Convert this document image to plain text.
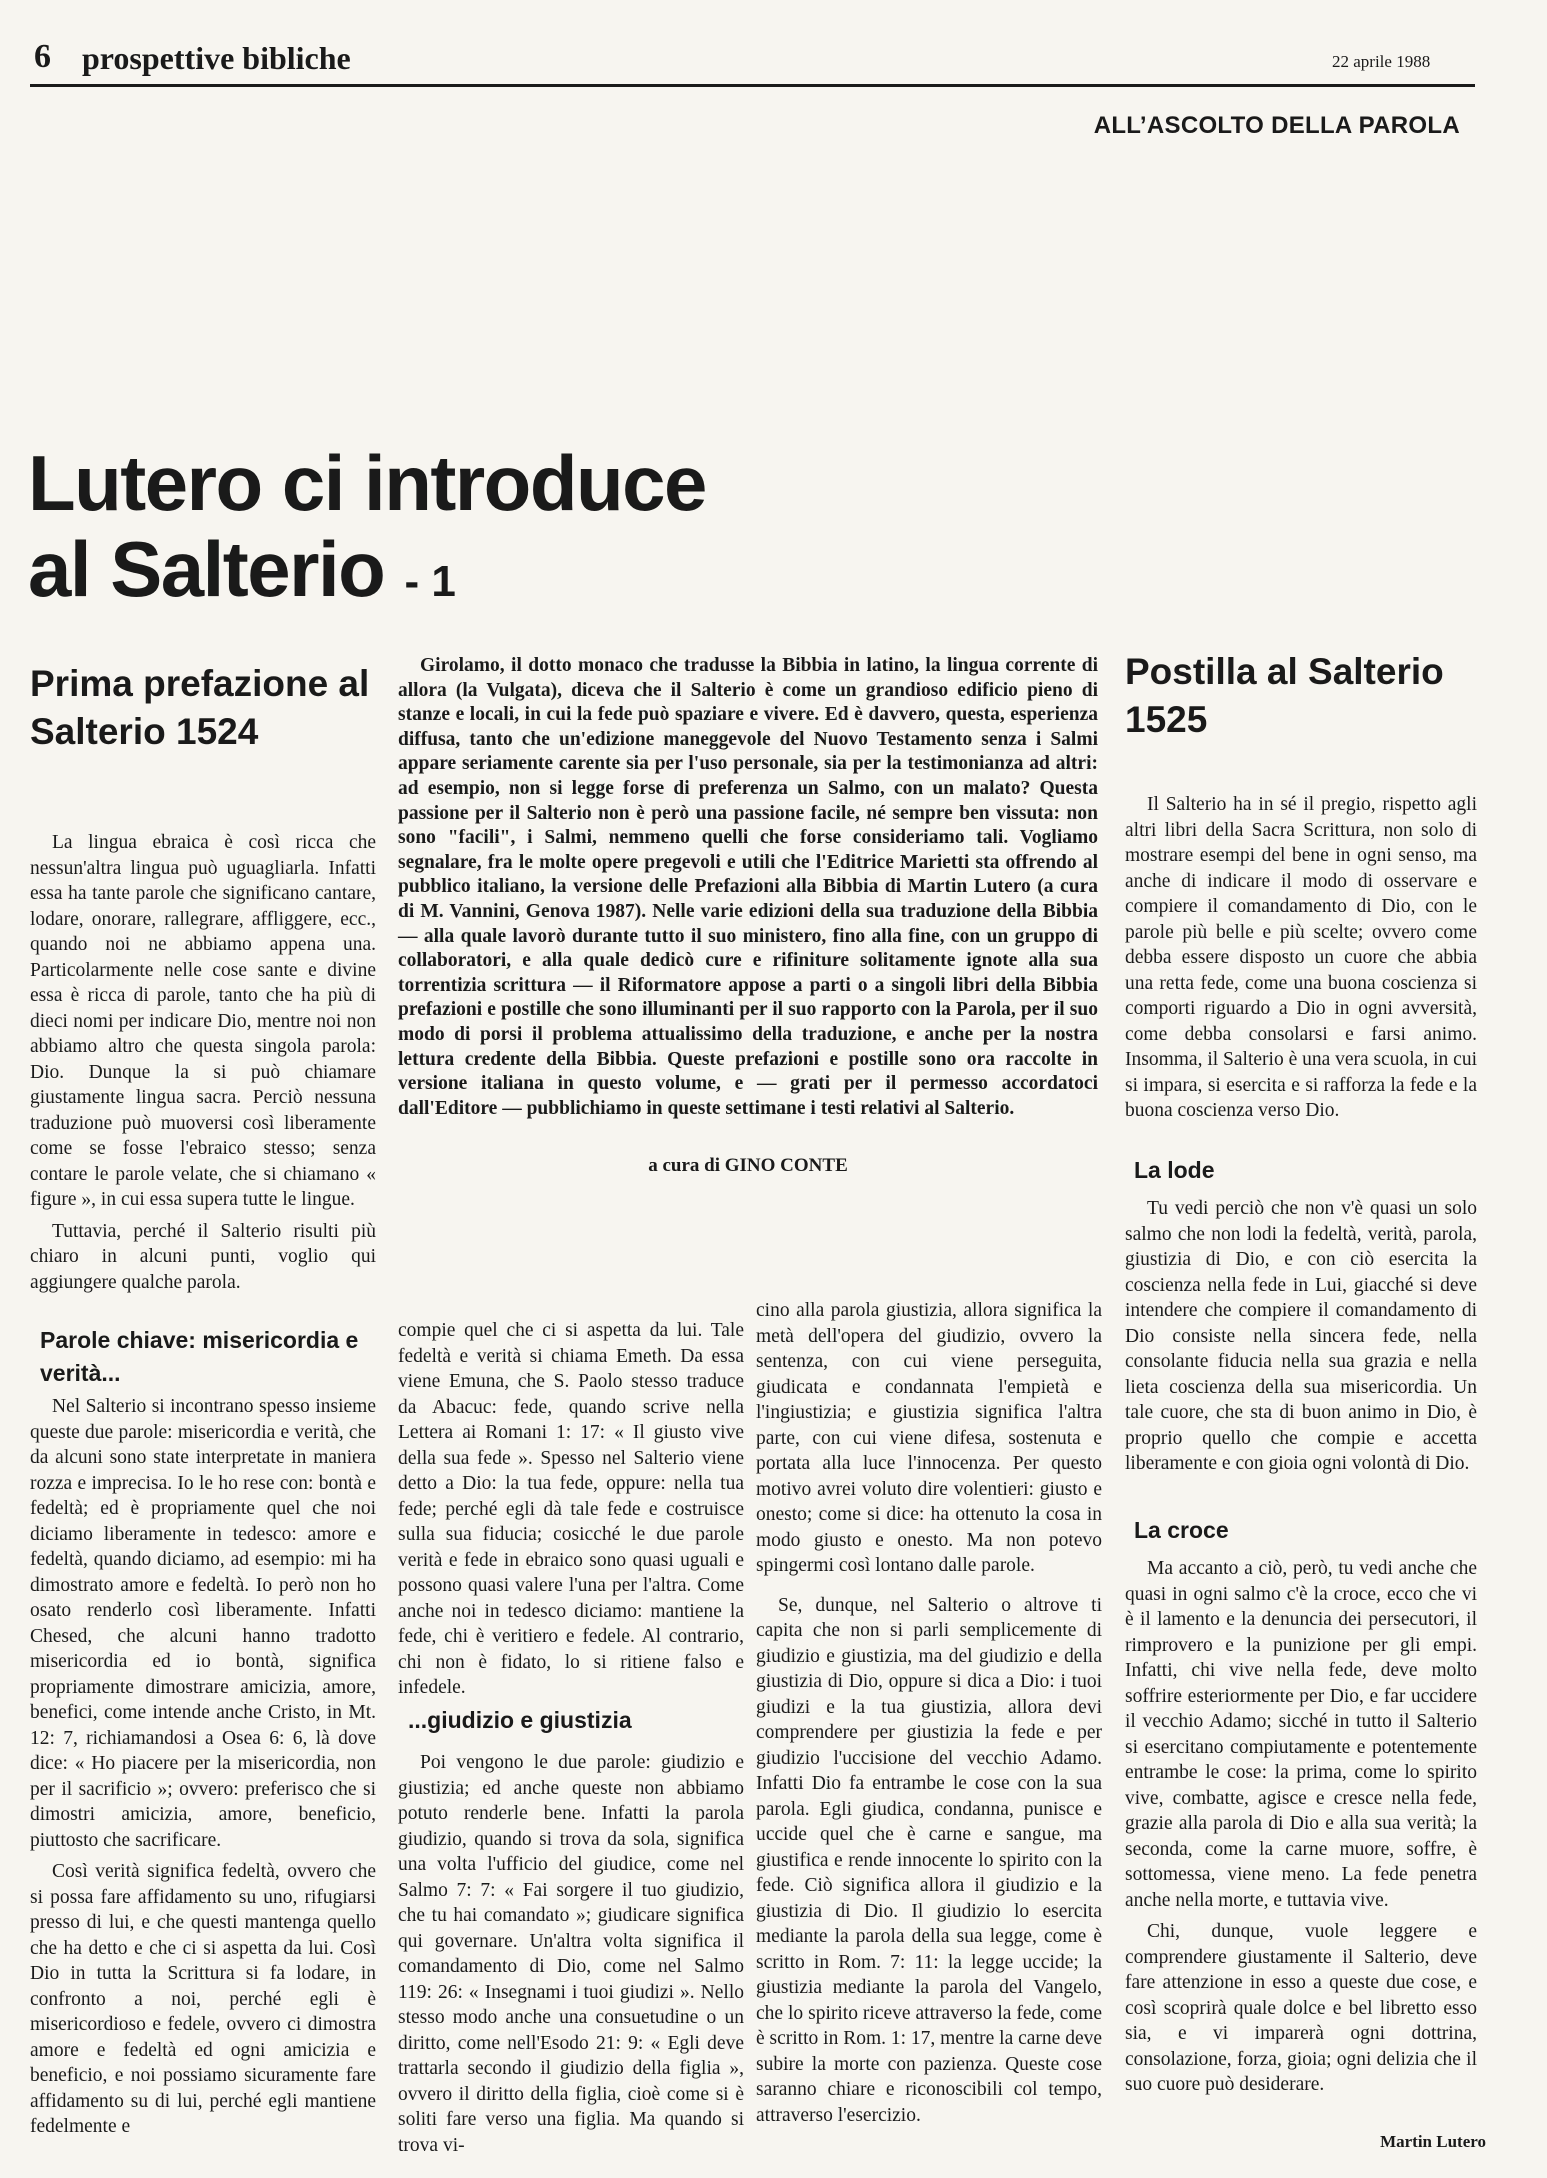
6 prospettive bibliche	22 aprile 1988
ALL’ASCOLTO DELLA PAROLA
Lutero ci introduce
al Salterio - 1
Prima prefazione al Salterio 1524

La lingua ebraica è così ricca che nessun'altra lingua può uguagliarla. Infatti essa ha tante parole che significano cantare, lodare, onorare, rallegrare, affliggere, ecc., quando noi ne abbiamo appena una. Particolarmente nelle cose sante e divine essa è ricca di parole, tanto che ha più di dieci nomi per indicare Dio, mentre noi non abbiamo altro che questa singola parola: Dio. Dunque la si può chiamare giustamente lingua sacra. Perciò nessuna traduzione può muoversi così liberamente come se fosse l'ebraico stesso; senza contare le parole velate, che si chiamano « figure », in cui essa supera tutte le lingue.

Tuttavia, perché il Salterio risulti più chiaro in alcuni punti, voglio qui aggiungere qualche parola.

Parole chiave: misericordia e verità...

Nel Salterio si incontrano spesso insieme queste due parole: misericordia e verità, che da alcuni sono state interpretate in maniera rozza e imprecisa. Io le ho rese con: bontà e fedeltà; ed è propriamente quel che noi diciamo liberamente in tedesco: amore e fedeltà, quando diciamo, ad esempio: mi ha dimostrato amore e fedeltà. Io però non ho osato renderlo così liberamente. Infatti Chesed, che alcuni hanno tradotto misericordia ed io bontà, significa propriamente dimostrare amicizia, amore, benefici, come intende anche Cristo, in Mt. 12: 7, richiamandosi a Osea 6: 6, là dove dice: « Ho piacere per la misericordia, non per il sacrificio »; ovvero: preferisco che si dimostri amicizia, amore, beneficio, piuttosto che sacrificare.

Così verità significa fedeltà, ovvero che si possa fare affidamento su uno, rifugiarsi presso di lui, e che questi mantenga quello che ha detto e che ci si aspetta da lui. Così Dio in tutta la Scrittura si fa lodare, in confronto a noi, perché egli è misericordioso e fedele, ovvero ci dimostra amore e fedeltà ed ogni amicizia e beneficio, e noi possiamo sicuramente fare affidamento su di lui, perché egli mantiene fedelmente e

Girolamo, il dotto monaco che tradusse la Bibbia in latino, la lingua corrente di allora (la Vulgata), diceva che il Salterio è come un grandioso edificio pieno di stanze e locali, in cui la fede può spaziare e vivere. Ed è davvero, questa, esperienza diffusa, tanto che un'edizione maneggevole del Nuovo Testamento senza i Salmi appare seriamente carente sia per l'uso personale, sia per la testimonianza ad altri: ad esempio, non si legge forse di preferenza un Salmo, con un malato? Questa passione per il Salterio non è però una passione facile, né sempre ben vissuta: non sono "facili", i Salmi, nemmeno quelli che forse consideriamo tali. Vogliamo segnalare, fra le molte opere pregevoli e utili che l'Editrice Marietti sta offrendo al pubblico italiano, la versione delle Prefazioni alla Bibbia di Martin Lutero (a cura di M. Vannini, Genova 1987). Nelle varie edizioni della sua traduzione della Bibbia — alla quale lavorò durante tutto il suo ministero, fino alla fine, con un gruppo di collaboratori, e alla quale dedicò cure e rifiniture solitamente ignote alla sua torrentizia scrittura — il Riformatore appose a parti o a singoli libri della Bibbia prefazioni e postille che sono illuminanti per il suo rapporto con la Parola, per il suo modo di porsi il problema attualissimo della traduzione, e anche per la nostra lettura credente della Bibbia. Queste prefazioni e postille sono ora raccolte in versione italiana in questo volume, e — grati per il permesso accordatoci dall'Editore — pubblichiamo in queste settimane i testi relativi al Salterio.
a cura di GINO CONTE

compie quel che ci si aspetta da lui. Tale fedeltà e verità si chiama Emeth. Da essa viene Emuna, che S. Paolo stesso traduce da Abacuc: fede, quando scrive nella Lettera ai Romani 1: 17: « Il giusto vive della sua fede ». Spesso nel Salterio viene detto a Dio: la tua fede, oppure: nella tua fede; perché egli dà tale fede e costruisce sulla sua fiducia; cosicché le due parole verità e fede in ebraico sono quasi uguali e possono quasi valere l'una per l'altra. Come anche noi in tedesco diciamo: mantiene la fede, chi è veritiero e fedele. Al contrario, chi non è fidato, lo si ritiene falso e infedele.

...giudizio e giustizia

Poi vengono le due parole: giudizio e giustizia; ed anche queste non abbiamo potuto renderle bene. Infatti la parola giudizio, quando si trova da sola, significa una volta l'ufficio del giudice, come nel Salmo 7: 7: « Fai sorgere il tuo giudizio, che tu hai comandato »; giudicare significa qui governare. Un'altra volta significa il comandamento di Dio, come nel Salmo 119: 26: « Insegnami i tuoi giudizi ». Nello stesso modo anche una consuetudine o un diritto, come nell'Esodo 21: 9: « Egli deve trattarla secondo il giudizio della figlia », ovvero il diritto della figlia, cioè come si è soliti fare verso una figlia. Ma quando si trova vi-

cino alla parola giustizia, allora significa la metà dell'opera del giudizio, ovvero la sentenza, con cui viene perseguita, giudicata e condannata l'empietà e l'ingiustizia; e giustizia significa l'altra parte, con cui viene difesa, sostenuta e portata alla luce l'innocenza. Per questo motivo avrei voluto dire volentieri: giusto e onesto; come si dice: ha ottenuto la cosa in modo giusto e onesto. Ma non potevo spingermi così lontano dalle parole.

Se, dunque, nel Salterio o altrove ti capita che non si parli semplicemente di giudizio e giustizia, ma del giudizio e della giustizia di Dio, oppure si dica a Dio: i tuoi giudizi e la tua giustizia, allora devi comprendere per giustizia la fede e per giudizio l'uccisione del vecchio Adamo. Infatti Dio fa entrambe le cose con la sua parola. Egli giudica, condanna, punisce e uccide quel che è carne e sangue, ma giustifica e rende innocente lo spirito con la fede. Ciò significa allora il giudizio e la giustizia di Dio. Il giudizio lo esercita mediante la parola della sua legge, come è scritto in Rom. 7: 11: la legge uccide; la giustizia mediante la parola del Vangelo, che lo spirito riceve attraverso la fede, come è scritto in Rom. 1: 17, mentre la carne deve subire la morte con pazienza. Queste cose saranno chiare e riconoscibili col tempo, attraverso l'esercizio.

Postilla al Salterio 1525

Il Salterio ha in sé il pregio, rispetto agli altri libri della Sacra Scrittura, non solo di mostrare esempi del bene in ogni senso, ma anche di indicare il modo di osservare e compiere il comandamento di Dio, con le parole più belle e più scelte; ovvero come debba essere disposto un cuore che abbia una retta fede, come una buona coscienza si comporti riguardo a Dio in ogni avversità, come debba consolarsi e farsi animo. Insomma, il Salterio è una vera scuola, in cui si impara, si esercita e si rafforza la fede e la buona coscienza verso Dio.

La lode

Tu vedi perciò che non v'è quasi un solo salmo che non lodi la fedeltà, verità, parola, giustizia di Dio, e con ciò esercita la coscienza nella fede in Lui, giacché si deve intendere che compiere il comandamento di Dio consiste nella sincera fede, nella consolante fiducia nella sua grazia e nella lieta coscienza della sua misericordia. Un tale cuore, che sta di buon animo in Dio, è proprio quello che compie e accetta liberamente e con gioia ogni volontà di Dio.

La croce

Ma accanto a ciò, però, tu vedi anche che quasi in ogni salmo c'è la croce, ecco che vi è il lamento e la denuncia dei persecutori, il rimprovero e la punizione per gli empi. Infatti, chi vive nella fede, deve molto soffrire esteriormente per Dio, e far uccidere il vecchio Adamo; sicché in tutto il Salterio si esercitano compiutamente e potentemente entrambe le cose: la prima, come lo spirito vive, combatte, agisce e cresce nella fede, grazie alla parola di Dio e alla sua verità; la seconda, come la carne muore, soffre, è sottomessa, viene meno. La fede penetra anche nella morte, e tuttavia vive.

Chi, dunque, vuole leggere e comprendere giustamente il Salterio, deve fare attenzione in esso a queste due cose, e così scoprirà quale dolce e bel libretto esso sia, e vi imparerà ogni dottrina, consolazione, forza, gioia; ogni delizia che il suo cuore può desiderare.

Martin Lutero
